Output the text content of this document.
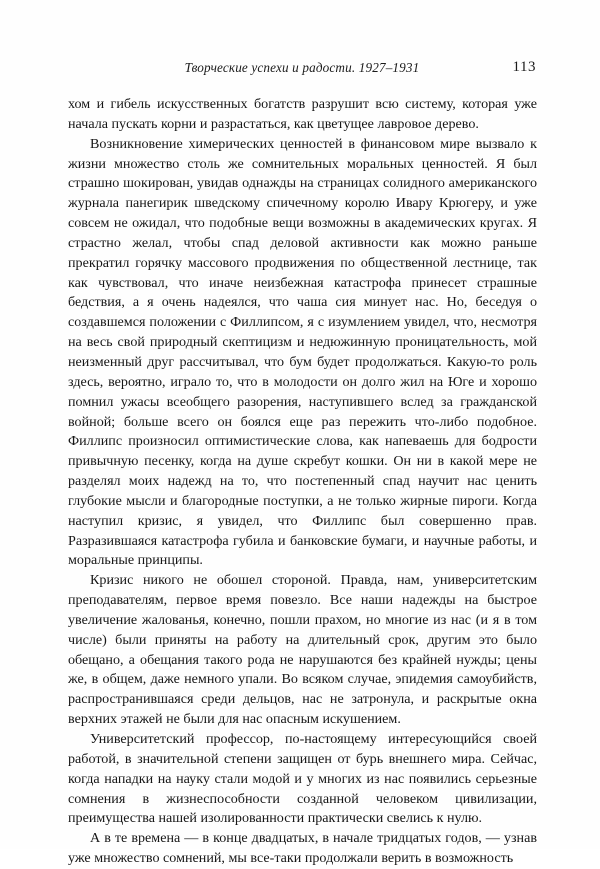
Творческие успехи и радости. 1927–1931	113

хом и гибель искусственных богатств разрушит всю систему, которая уже начала пускать корни и разрастаться, как цветущее лавровое дерево.

Возникновение химерических ценностей в финансовом мире вызвало к жизни множество столь же сомнительных моральных ценностей. Я был страшно шокирован, увидав однажды на страницах солидного американского журнала панегирик шведскому спичечному королю Ивару Крюгеру, и уже совсем не ожидал, что подобные вещи возможны в академических кругах. Я страстно желал, чтобы спад деловой активности как можно раньше прекратил горячку массового продвижения по общественной лестнице, так как чувствовал, что иначе неизбежная катастрофа принесет страшные бедствия, а я очень надеялся, что чаша сия минует нас. Но, беседуя о создавшемся положении с Филлипсом, я с изумлением увидел, что, несмотря на весь свой природный скептицизм и недюжинную проницательность, мой неизменный друг рассчитывал, что бум будет продолжаться. Какую-то роль здесь, вероятно, играло то, что в молодости он долго жил на Юге и хорошо помнил ужасы всеобщего разорения, наступившего вслед за гражданской войной; больше всего он боялся еще раз пережить что-либо подобное. Филлипс произносил оптимистические слова, как напеваешь для бодрости привычную песенку, когда на душе скребут кошки. Он ни в какой мере не разделял моих надежд на то, что постепенный спад научит нас ценить глубокие мысли и благородные поступки, а не только жирные пироги. Когда наступил кризис, я увидел, что Филлипс был совершенно прав. Разразившаяся катастрофа губила и банковские бумаги, и научные работы, и моральные принципы.

Кризис никого не обошел стороной. Правда, нам, университетским преподавателям, первое время повезло. Все наши надежды на быстрое увеличение жалованья, конечно, пошли прахом, но многие из нас (и я в том числе) были приняты на работу на длительный срок, другим это было обещано, а обещания такого рода не нарушаются без крайней нужды; цены же, в общем, даже немного упали. Во всяком случае, эпидемия самоубийств, распространившаяся среди дельцов, нас не затронула, и раскрытые окна верхних этажей не были для нас опасным искушением.

Университетский профессор, по-настоящему интересующийся своей работой, в значительной степени защищен от бурь внешнего мира. Сейчас, когда нападки на науку стали модой и у многих из нас появились серьезные сомнения в жизнеспособности созданной человеком цивилизации, преимущества нашей изолированности практически свелись к нулю.

А в те времена — в конце двадцатых, в начале тридцатых годов, — узнав уже множество сомнений, мы все-таки продолжали верить в возможность
